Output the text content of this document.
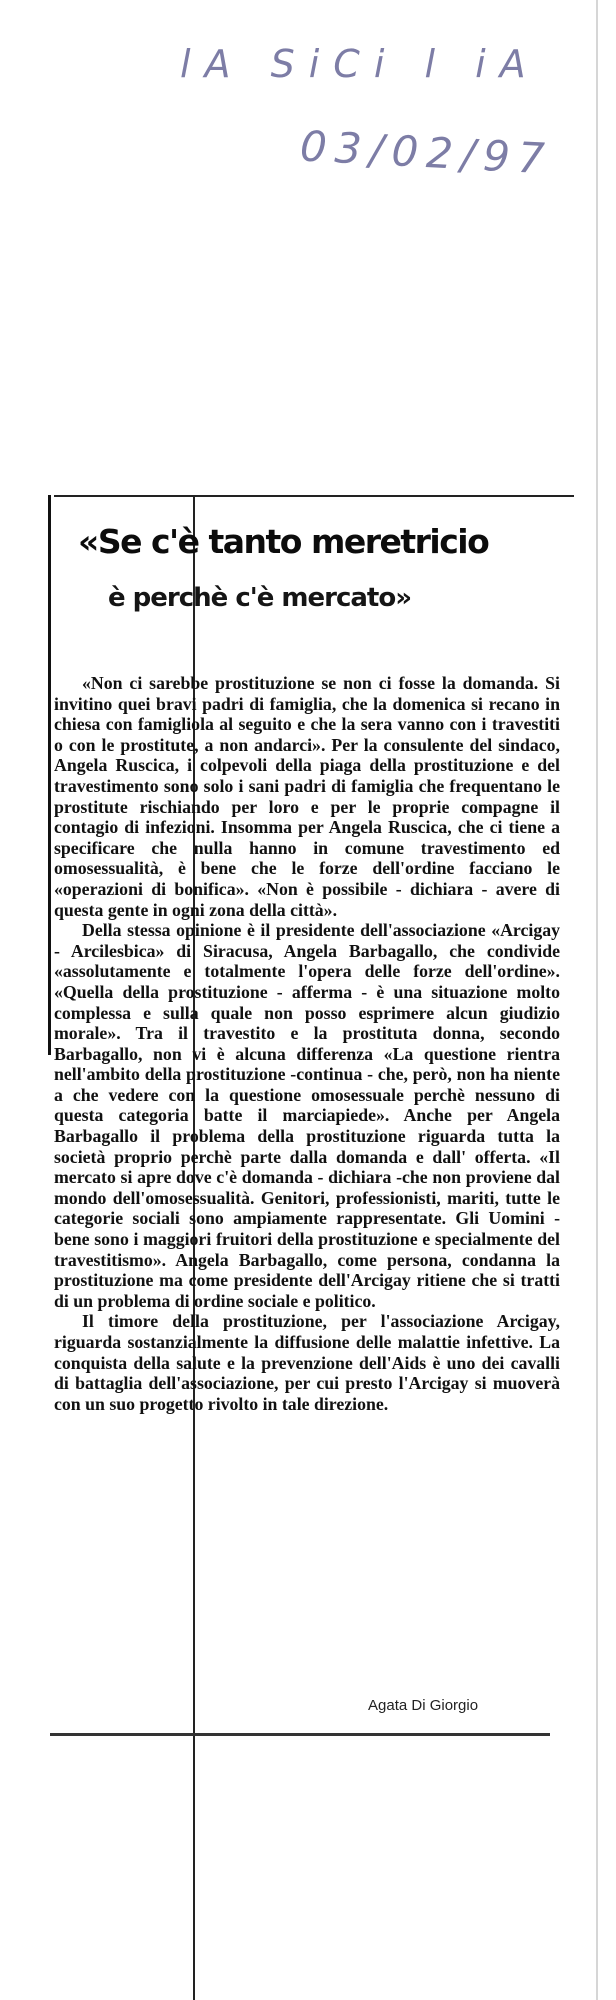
lA SiCi l iA
03/02/97
«Se c'è tanto meretricio
è perchè c'è mercato»

«Non ci sarebbe prostituzione se non ci fosse la domanda. Si invitino quei bravi padri di famiglia, che la domenica si recano in chiesa con famigliola al seguito e che la sera vanno con i travestiti o con le prostitute, a non andarci». Per la consulente del sindaco, Angela Ruscica, i colpevoli della piaga della prostituzione e del travestimento sono solo i sani padri di famiglia che frequentano le prostitute rischiando per loro e per le proprie compagne il contagio di infezioni. Insomma per Angela Ruscica, che ci tiene a specificare che nulla hanno in comune travestimento ed omosessualità, è bene che le forze dell'ordine facciano le «operazioni di bonifica». «Non è possibile - dichiara - avere di questa gente in ogni zona della città».

Della stessa opinione è il presidente dell'associazione «Arcigay - Arcilesbica» di Siracusa, Angela Barbagallo, che condivide «assolutamente e totalmente l'opera delle forze dell'ordine». «Quella della prostituzione - afferma - è una situazione molto complessa e sulla quale non posso esprimere alcun giudizio morale». Tra il travestito e la prostituta donna, secondo Barbagallo, non vi è alcuna differenza «La questione rientra nell'ambito della prostituzione -continua - che, però, non ha niente a che vedere con la questione omosessuale perchè nessuno di questa categoria batte il marciapiede». Anche per Angela Barbagallo il problema della prostituzione riguarda tutta la società proprio perchè parte dalla domanda e dall' offerta. «Il mercato si apre dove c'è domanda - dichiara -che non proviene dal mondo dell'omosessualità. Genitori, professionisti, mariti, tutte le categorie sociali sono ampiamente rappresentate. Gli Uomini - bene sono i maggiori fruitori della prostituzione e specialmente del travestitismo». Angela Barbagallo, come persona, condanna la prostituzione ma come presidente dell'Arcigay ritiene che si tratti di un problema di ordine sociale e politico.

Il timore della prostituzione, per l'associazione Arcigay, riguarda sostanzialmente la diffusione delle malattie infettive. La conquista della salute e la prevenzione dell'Aids è uno dei cavalli di battaglia dell'associazione, per cui presto l'Arcigay si muoverà con un suo progetto rivolto in tale direzione.

Agata Di Giorgio
